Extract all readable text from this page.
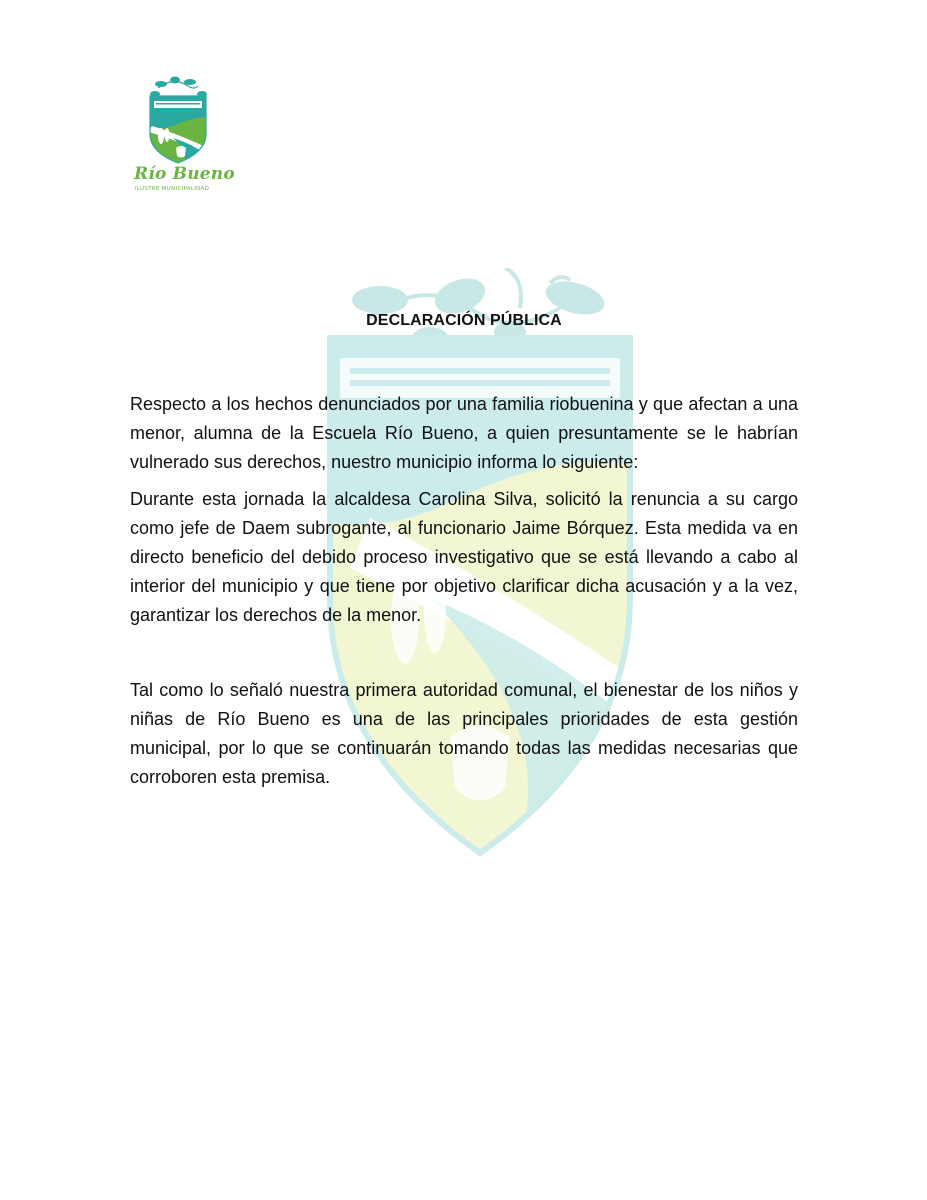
Río Bueno
ILUSTRE MUNICIPALIDAD
DECLARACIÓN PÚBLICA
Respecto a los hechos denunciados por una familia riobuenina y que afectan a una menor, alumna de la Escuela Río Bueno, a quien presuntamente se le habrían vulnerado sus derechos, nuestro municipio informa lo siguiente:
Durante esta jornada la alcaldesa Carolina Silva, solicitó la renuncia a su cargo como jefe de Daem subrogante, al funcionario Jaime Bórquez. Esta medida va en directo beneficio del debido proceso investigativo que se está llevando a cabo al interior del municipio y que tiene por objetivo clarificar dicha acusación y a la vez, garantizar los derechos de la menor.
Tal como lo señaló nuestra primera autoridad comunal, el bienestar de los niños y niñas de Río Bueno es una de las principales prioridades de esta gestión municipal, por lo que se continuarán tomando todas las medidas necesarias que corroboren esta premisa.
